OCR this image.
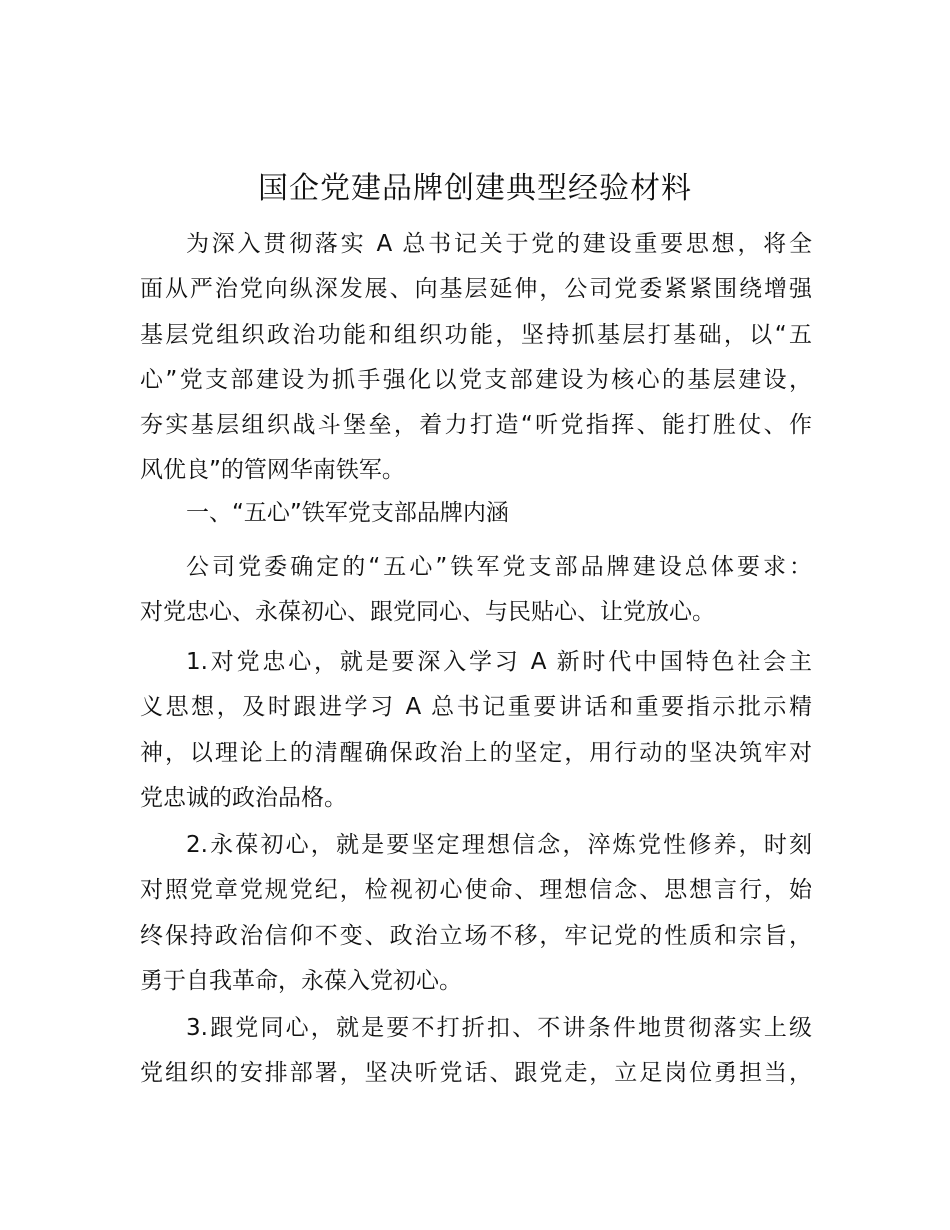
国企党建品牌创建典型经验材料
为深入贯彻落实 A 总书记关于党的建设重要思想，将全
面从严治党向纵深发展、向基层延伸，公司党委紧紧围绕增强
基层党组织政治功能和组织功能，坚持抓基层打基础，以“五
心”党支部建设为抓手强化以党支部建设为核心的基层建设，
夯实基层组织战斗堡垒，着力打造“听党指挥、能打胜仗、作
风优良”的管网华南铁军。
一、“五心”铁军党支部品牌内涵
公司党委确定的“五心”铁军党支部品牌建设总体要求：
对党忠心、永葆初心、跟党同心、与民贴心、让党放心。
1.对党忠心，就是要深入学习 A 新时代中国特色社会主
义思想，及时跟进学习 A 总书记重要讲话和重要指示批示精
神，以理论上的清醒确保政治上的坚定，用行动的坚决筑牢对
党忠诚的政治品格。
2.永葆初心，就是要坚定理想信念，淬炼党性修养，时刻
对照党章党规党纪，检视初心使命、理想信念、思想言行，始
终保持政治信仰不变、政治立场不移，牢记党的性质和宗旨，
勇于自我革命，永葆入党初心。
3.跟党同心，就是要不打折扣、不讲条件地贯彻落实上级
党组织的安排部署，坚决听党话、跟党走，立足岗位勇担当，
